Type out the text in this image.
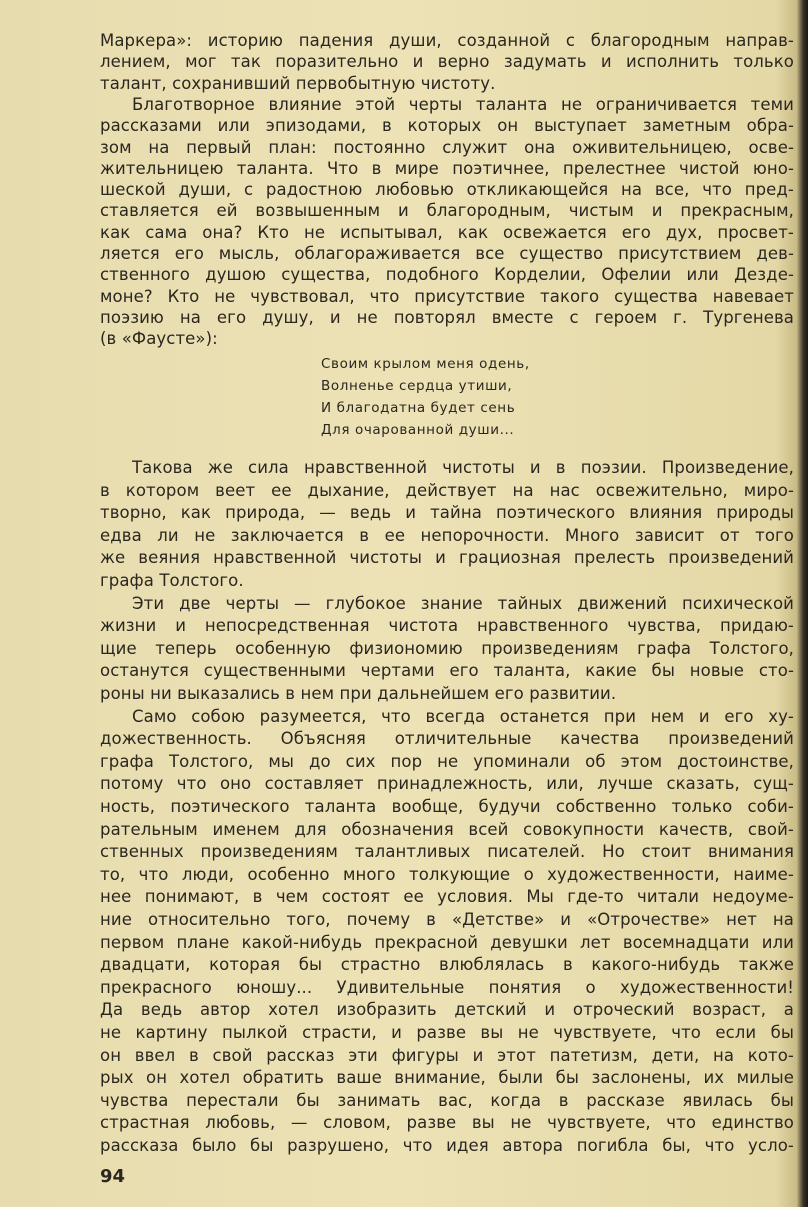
Маркера»: историю падения души, созданной с благородным направ-
лением, мог так поразительно и верно задумать и исполнить только
талант, сохранивший первобытную чистоту.
Благотворное влияние этой черты таланта не ограничивается теми
рассказами или эпизодами, в которых он выступает заметным обра-
зом на первый план: постоянно служит она оживительницею, осве-
жительницею таланта. Что в мире поэтичнее, прелестнее чистой юно-
шеской души, с радостною любовью откликающейся на все, что пред-
ставляется ей возвышенным и благородным, чистым и прекрасным,
как сама она? Кто не испытывал, как освежается его дух, просвет-
ляется его мысль, облагораживается все существо присутствием дев-
ственного душою существа, подобного Корделии, Офелии или Дезде-
моне? Кто не чувствовал, что присутствие такого существа навевает
поэзию на его душу, и не повторял вместе с героем г. Тургенева
(в «Фаусте»):
Своим крылом меня одень,
Волненье сердца утиши,
И благодатна будет сень
Для очарованной души...
Такова же сила нравственной чистоты и в поэзии. Произведение,
в котором веет ее дыхание, действует на нас освежительно, миро-
творно, как природа, — ведь и тайна поэтического влияния природы
едва ли не заключается в ее непорочности. Много зависит от того
же веяния нравственной чистоты и грациозная прелесть произведений
графа Толстого.
Эти две черты — глубокое знание тайных движений психической
жизни и непосредственная чистота нравственного чувства, придаю-
щие теперь особенную физиономию произведениям графа Толстого,
останутся существенными чертами его таланта, какие бы новые сто-
роны ни выказались в нем при дальнейшем его развитии.
Само собою разумеется, что всегда останется при нем и его ху-
дожественность. Объясняя отличительные качества произведений
графа Толстого, мы до сих пор не упоминали об этом достоинстве,
потому что оно составляет принадлежность, или, лучше сказать, сущ-
ность, поэтического таланта вообще, будучи собственно только соби-
рательным именем для обозначения всей совокупности качеств, свой-
ственных произведениям талантливых писателей. Но стоит внимания
то, что люди, особенно много толкующие о художественности, наиме-
нее понимают, в чем состоят ее условия. Мы где-то читали недоуме-
ние относительно того, почему в «Детстве» и «Отрочестве» нет на
первом плане какой-нибудь прекрасной девушки лет восемнадцати или
двадцати, которая бы страстно влюблялась в какого-нибудь также
прекрасного юношу... Удивительные понятия о художественности!
Да ведь автор хотел изобразить детский и отроческий возраст, а
не картину пылкой страсти, и разве вы не чувствуете, что если бы
он ввел в свой рассказ эти фигуры и этот патетизм, дети, на кото-
рых он хотел обратить ваше внимание, были бы заслонены, их милые
чувства перестали бы занимать вас, когда в рассказе явилась бы
страстная любовь, — словом, разве вы не чувствуете, что единство
рассказа было бы разрушено, что идея автора погибла бы, что усло-
94
